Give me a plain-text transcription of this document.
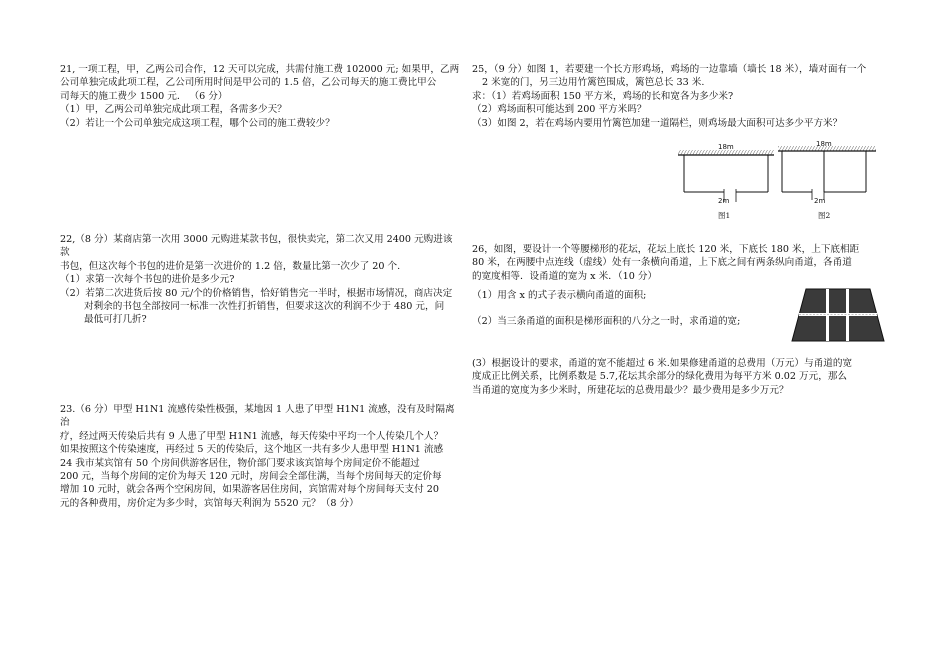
21, 一项工程，甲，乙两公司合作，12 天可以完成，共需付施工费 102000 元; 如果甲，乙两

公司单独完成此项工程，乙公司所用时间是甲公司的 1.5 倍，乙公司每天的施工费比甲公

司每天的施工费少 1500 元． （6 分）

（1）甲，乙两公司单独完成此项工程，各需多少天？

（2）若让一个公司单独完成这项工程，哪个公司的施工费较少？

22,（8 分）某商店第一次用 3000 元购进某款书包，很快卖完，第二次又用 2400 元购进该款

书包，但这次每个书包的进价是第一次进价的 1.2 倍，数量比第一次少了 20 个.

（1）求第一次每个书包的进价是多少元?

（2）若第二次进货后按 80 元/个的价格销售，恰好销售完一半时，根据市场情况，商店决定

对剩余的书包全部按同一标准一次性打折销售，但要求这次的利润不少于 480 元，问

最低可打几折?

23.（6 分）甲型 H1N1 流感传染性极强，某地因 1 人患了甲型 H1N1 流感，没有及时隔离治

疗，经过两天传染后共有 9 人患了甲型 H1N1 流感，每天传染中平均一个人传染几个人？

如果按照这个传染速度，再经过 5 天的传染后，这个地区一共有多少人患甲型 H1N1 流感

24 我市某宾馆有 50 个房间供游客居住，物价部门要求该宾馆每个房间定价不能超过

200 元，当每个房间的定价为每天 120 元时，房间会全部住满，当每个房间每天的定价每

增加 10 元时，就会各两个空闲房间，如果游客居住房间，宾馆需对每个房间每天支付 20

元的各种费用，房价定为多少时，宾馆每天利润为 5520 元？（8 分）

25，（9 分）如图 1，若要建一个长方形鸡场，鸡场的一边靠墙（墙长 18 米），墙对面有一个

2 米宽的门，另三边用竹篱笆围成，篱笆总长 33 米.

求：（1）若鸡场面积 150 平方米，鸡场的长和宽各为多少米?

（2）鸡场面积可能达到 200 平方米吗？

（3）如图 2，若在鸡场内要用竹篱笆加建一道隔栏，则鸡场最大面积可达多少平方米？

18m
2m
图1
18m
2m
图2

26，如图，要设计一个等腰梯形的花坛，花坛上底长 120 米，下底长 180 米，上下底相距

80 米，在两腰中点连线（虚线）处有一条横向甬道，上下底之间有两条纵向甬道，各甬道

的宽度相等．设甬道的宽为 x 米．（10 分）

（1）用含 x 的式子表示横向甬道的面积;

（2）当三条甬道的面积是梯形面积的八分之一时，求甬道的宽;

(3）根据设计的要求，甬道的宽不能超过 6 米.如果修建甬道的总费用（万元）与甬道的宽

度成正比例关系，比例系数是 5.7,花坛其余部分的绿化费用为每平方米 0.02 万元，那么

当甬道的宽度为多少米时，所建花坛的总费用最少？最少费用是多少万元？
